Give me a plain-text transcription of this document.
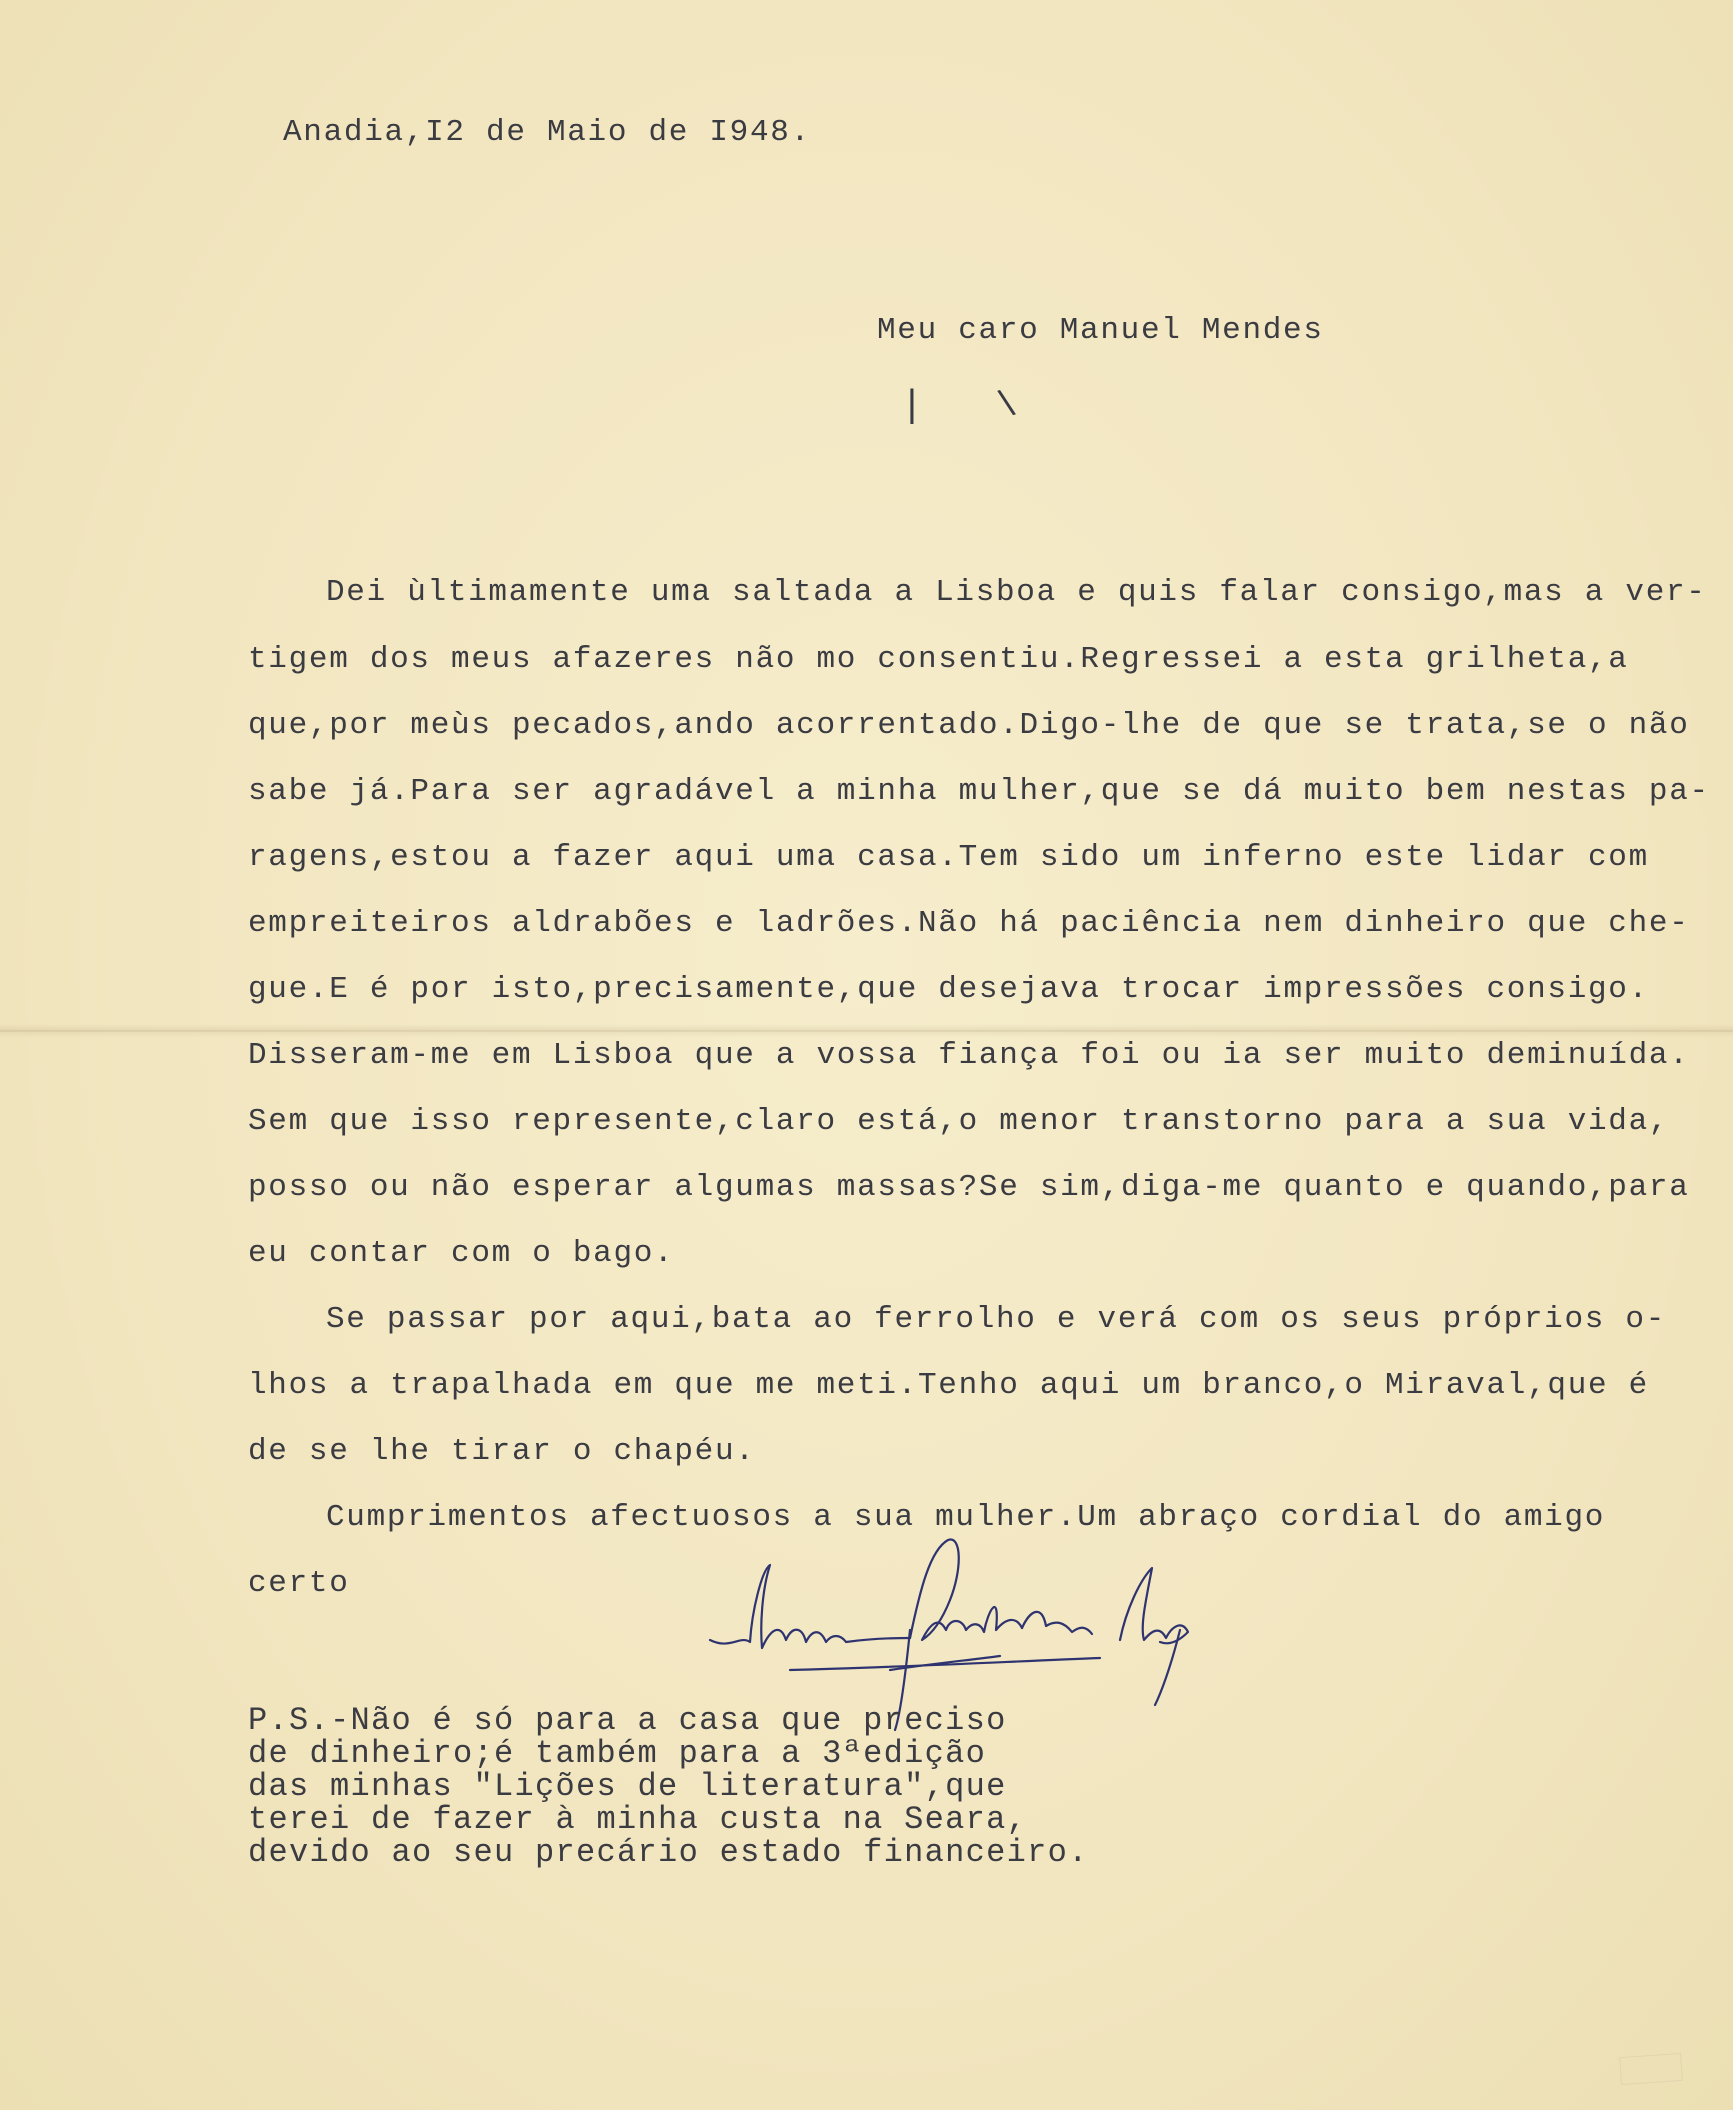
Anadia,I2 de Maio de I948.
Meu caro Manuel Mendes
| \
Dei ùltimamente uma saltada a Lisboa e quis falar consigo,mas a ver-
tigem dos meus afazeres não mo consentiu.Regressei a esta grilheta,a
que,por meùs pecados,ando acorrentado.Digo-lhe de que se trata,se o não
sabe já.Para ser agradável a minha mulher,que se dá muito bem nestas pa-
ragens,estou a fazer aqui uma casa.Tem sido um inferno este lidar com
empreiteiros aldrabões e ladrões.Não há paciência nem dinheiro que che-
gue.E é por isto,precisamente,que desejava trocar impressões consigo.
Disseram-me em Lisboa que a vossa fiança foi ou ia ser muito deminuída.
Sem que isso represente,claro está,o menor transtorno para a sua vida,
posso ou não esperar algumas massas?Se sim,diga-me quanto e quando,para
eu contar com o bago.
Se passar por aqui,bata ao ferrolho e verá com os seus próprios o-
lhos a trapalhada em que me meti.Tenho aqui um branco,o Miraval,que é
de se lhe tirar o chapéu.
Cumprimentos afectuosos a sua mulher.Um abraço cordial do amigo
certo
P.S.-Não é só para a casa que preciso
de dinheiro;é também para a 3ªedição
das minhas "Lições de literatura",que
terei de fazer à minha custa na Seara,
devido ao seu precário estado financeiro.
